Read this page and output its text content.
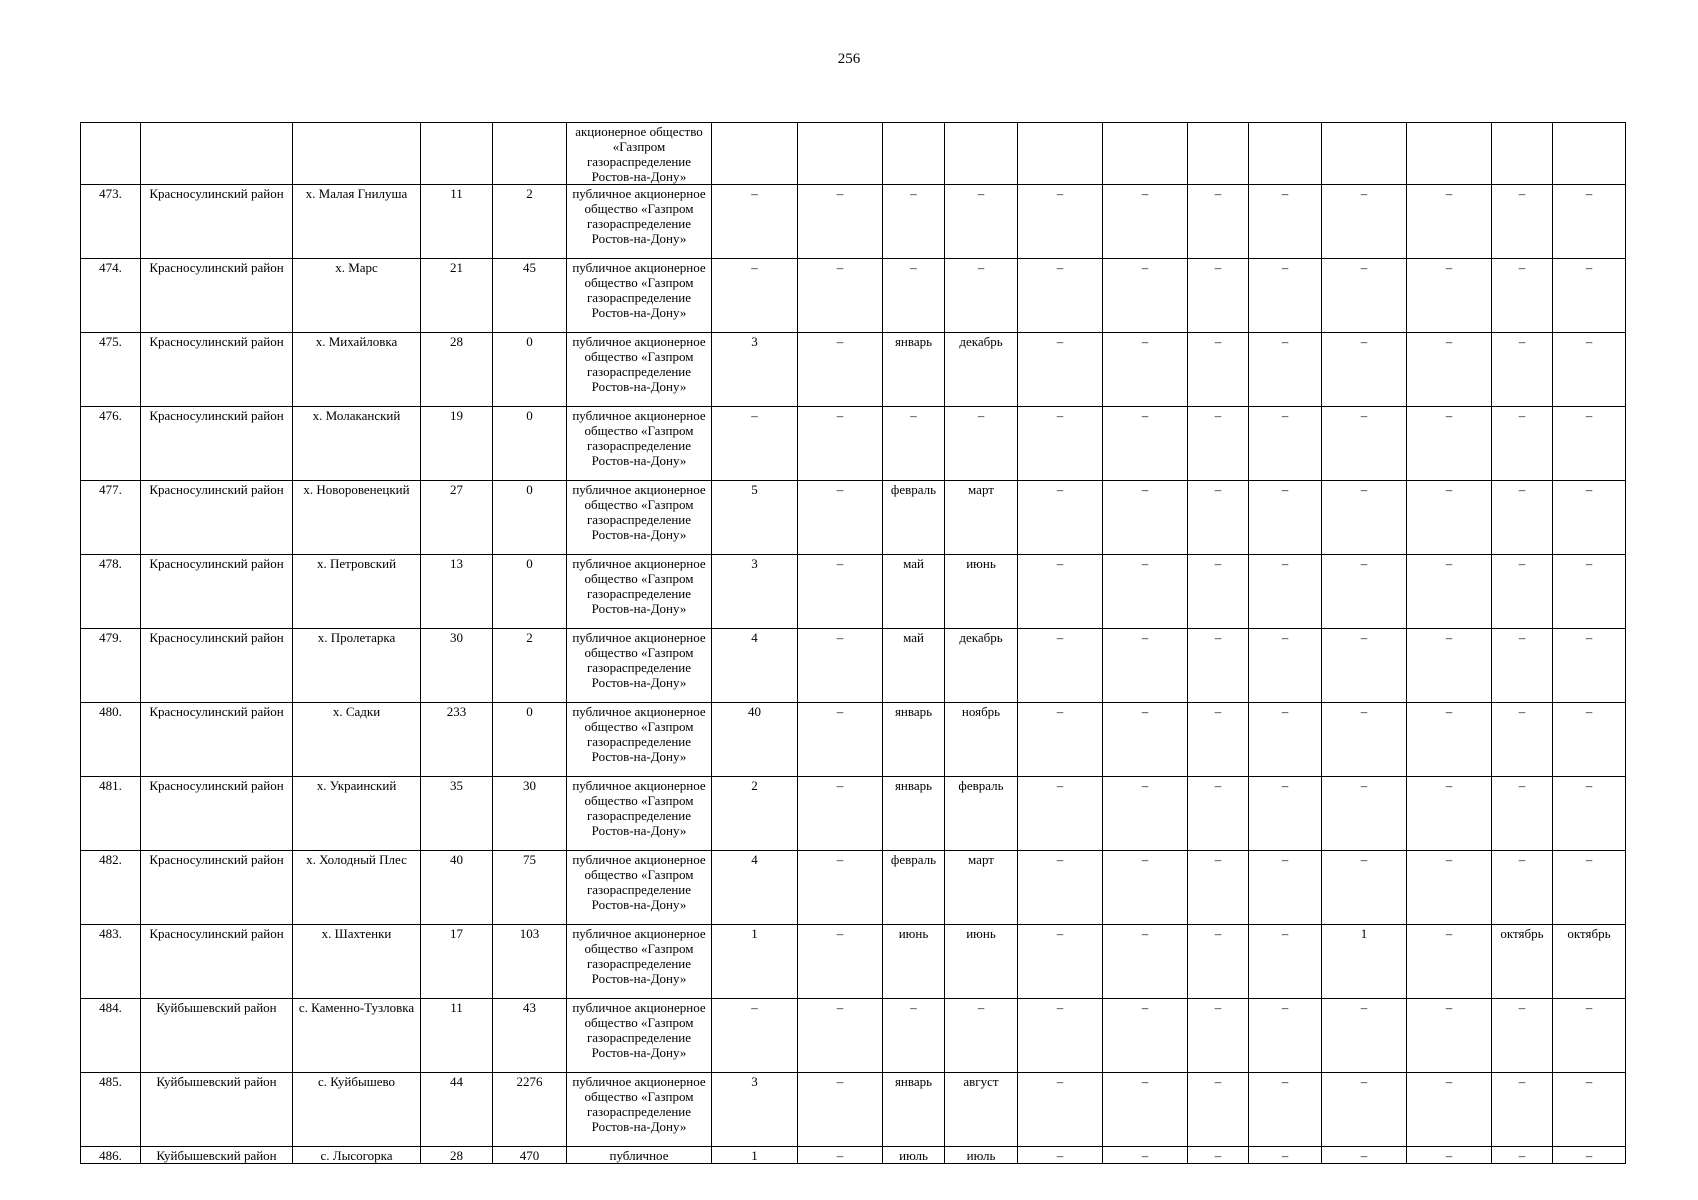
256
					акционерное общество «Газпром газораспределение Ростов-на-Дону»												
473.	Красносулинский район	х. Малая Гнилуша	11	2	публичное акционерное общество «Газпром газораспределение Ростов-на-Дону»	–	–	–	–	–	–	–	–	–	–	–	–
474.	Красносулинский район	х. Марс	21	45	публичное акционерное общество «Газпром газораспределение Ростов-на-Дону»	–	–	–	–	–	–	–	–	–	–	–	–
475.	Красносулинский район	х. Михайловка	28	0	публичное акционерное общество «Газпром газораспределение Ростов-на-Дону»	3	–	январь	декабрь	–	–	–	–	–	–	–	–
476.	Красносулинский район	х. Молаканский	19	0	публичное акционерное общество «Газпром газораспределение Ростов-на-Дону»	–	–	–	–	–	–	–	–	–	–	–	–
477.	Красносулинский район	х. Новоровенецкий	27	0	публичное акционерное общество «Газпром газораспределение Ростов-на-Дону»	5	–	февраль	март	–	–	–	–	–	–	–	–
478.	Красносулинский район	х. Петровский	13	0	публичное акционерное общество «Газпром газораспределение Ростов-на-Дону»	3	–	май	июнь	–	–	–	–	–	–	–	–
479.	Красносулинский район	х. Пролетарка	30	2	публичное акционерное общество «Газпром газораспределение Ростов-на-Дону»	4	–	май	декабрь	–	–	–	–	–	–	–	–
480.	Красносулинский район	х. Садки	233	0	публичное акционерное общество «Газпром газораспределение Ростов-на-Дону»	40	–	январь	ноябрь	–	–	–	–	–	–	–	–
481.	Красносулинский район	х. Украинский	35	30	публичное акционерное общество «Газпром газораспределение Ростов-на-Дону»	2	–	январь	февраль	–	–	–	–	–	–	–	–
482.	Красносулинский район	х. Холодный Плес	40	75	публичное акционерное общество «Газпром газораспределение Ростов-на-Дону»	4	–	февраль	март	–	–	–	–	–	–	–	–
483.	Красносулинский район	х. Шахтенки	17	103	публичное акционерное общество «Газпром газораспределение Ростов-на-Дону»	1	–	июнь	июнь	–	–	–	–	1	–	октябрь	октябрь
484.	Куйбышевский район	с. Каменно-Тузловка	11	43	публичное акционерное общество «Газпром газораспределение Ростов-на-Дону»	–	–	–	–	–	–	–	–	–	–	–	–
485.	Куйбышевский район	с. Куйбышево	44	2276	публичное акционерное общество «Газпром газораспределение Ростов-на-Дону»	3	–	январь	август	–	–	–	–	–	–	–	–
486.	Куйбышевский район	с. Лысогорка	28	470	публичное	1	–	июль	июль	–	–	–	–	–	–	–	–
